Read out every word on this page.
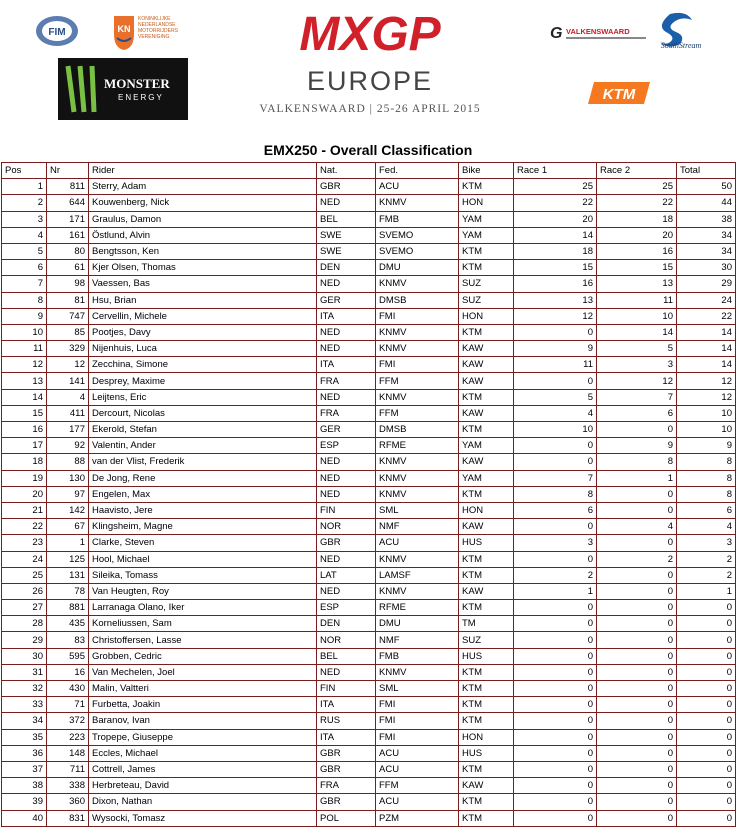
FIM	KN
KONINKLIJKE NEDERLANDSE MOTORRIJDERS VERENIGING
MONSTER
ENERGY
MXGP
EUROPE
VALKENSWAARD | 25-26 APRIL 2015
G VALKENSWAARD
SouthStream
KTM
EMX250 - Overall Classification
Pos	Nr	Rider	Nat.	Fed.	Bike	Race 1	Race 2	Total
1	811	Sterry, Adam	GBR	ACU	KTM	25	25	50
2	644	Kouwenberg, Nick	NED	KNMV	HON	22	22	44
3	171	Graulus, Damon	BEL	FMB	YAM	20	18	38
4	161	Östlund, Alvin	SWE	SVEMO	YAM	14	20	34
5	80	Bengtsson, Ken	SWE	SVEMO	KTM	18	16	34
6	61	Kjer Olsen, Thomas	DEN	DMU	KTM	15	15	30
7	98	Vaessen, Bas	NED	KNMV	SUZ	16	13	29
8	81	Hsu, Brian	GER	DMSB	SUZ	13	11	24
9	747	Cervellin, Michele	ITA	FMI	HON	12	10	22
10	85	Pootjes, Davy	NED	KNMV	KTM	0	14	14
11	329	Nijenhuis, Luca	NED	KNMV	KAW	9	5	14
12	12	Zecchina, Simone	ITA	FMI	KAW	11	3	14
13	141	Desprey, Maxime	FRA	FFM	KAW	0	12	12
14	4	Leijtens, Eric	NED	KNMV	KTM	5	7	12
15	411	Dercourt, Nicolas	FRA	FFM	KAW	4	6	10
16	177	Ekerold, Stefan	GER	DMSB	KTM	10	0	10
17	92	Valentin, Ander	ESP	RFME	YAM	0	9	9
18	88	van der Vlist, Frederik	NED	KNMV	KAW	0	8	8
19	130	De Jong, Rene	NED	KNMV	YAM	7	1	8
20	97	Engelen, Max	NED	KNMV	KTM	8	0	8
21	142	Haavisto, Jere	FIN	SML	HON	6	0	6
22	67	Klingsheim, Magne	NOR	NMF	KAW	0	4	4
23	1	Clarke, Steven	GBR	ACU	HUS	3	0	3
24	125	Hool, Michael	NED	KNMV	KTM	0	2	2
25	131	Sileika, Tomass	LAT	LAMSF	KTM	2	0	2
26	78	Van Heugten, Roy	NED	KNMV	KAW	1	0	1
27	881	Larranaga Olano, Iker	ESP	RFME	KTM	0	0	0
28	435	Korneliussen, Sam	DEN	DMU	TM	0	0	0
29	83	Christoffersen, Lasse	NOR	NMF	SUZ	0	0	0
30	595	Grobben, Cedric	BEL	FMB	HUS	0	0	0
31	16	Van Mechelen, Joel	NED	KNMV	KTM	0	0	0
32	430	Malin, Valtteri	FIN	SML	KTM	0	0	0
33	71	Furbetta, Joakin	ITA	FMI	KTM	0	0	0
34	372	Baranov, Ivan	RUS	FMI	KTM	0	0	0
35	223	Tropepe, Giuseppe	ITA	FMI	HON	0	0	0
36	148	Eccles, Michael	GBR	ACU	HUS	0	0	0
37	711	Cottrell, James	GBR	ACU	KTM	0	0	0
38	338	Herbreteau, David	FRA	FFM	KAW	0	0	0
39	360	Dixon, Nathan	GBR	ACU	KTM	0	0	0
40	831	Wysocki, Tomasz	POL	PZM	KTM	0	0	0
